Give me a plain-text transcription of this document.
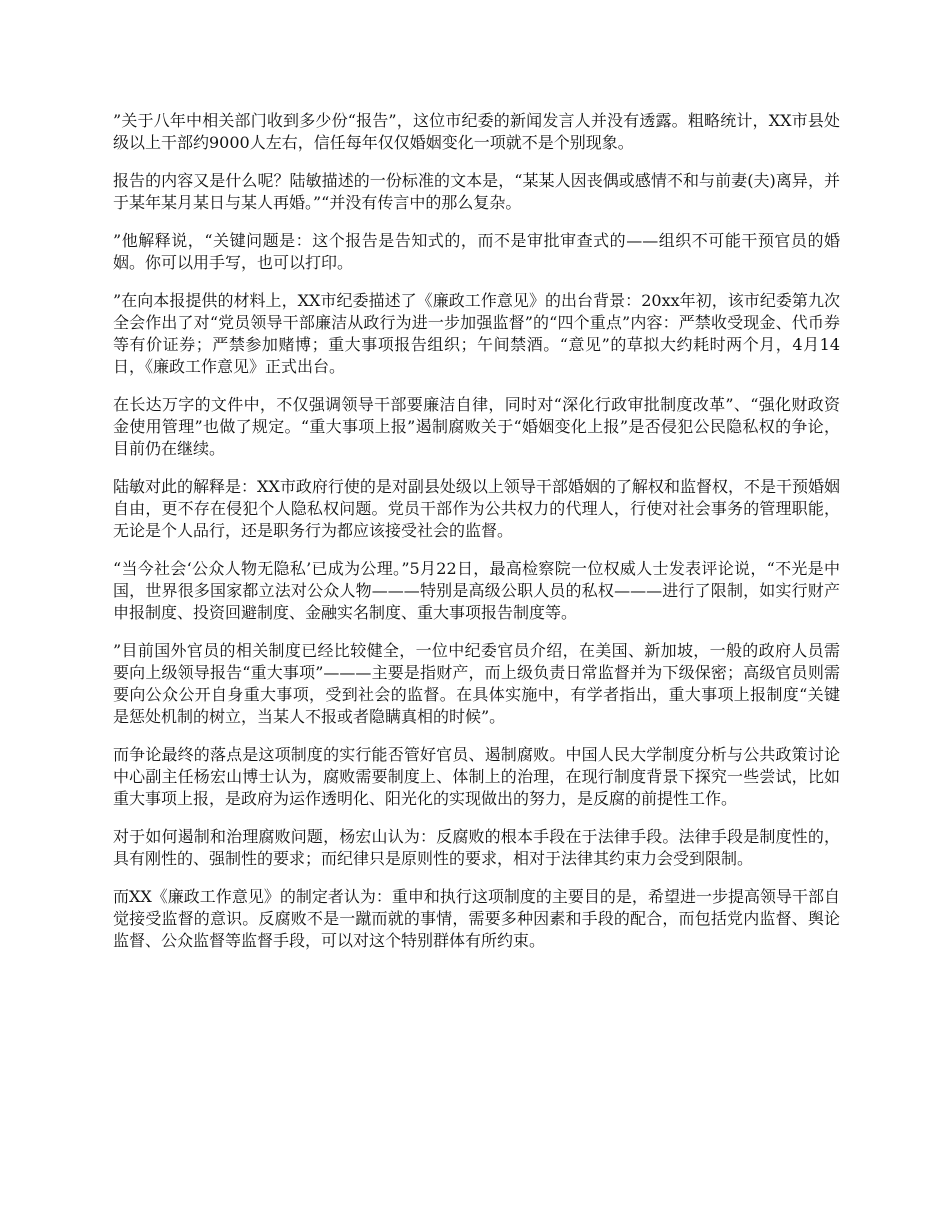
”关于八年中相关部门收到多少份“报告”，这位市纪委的新闻发言人并没有透露。粗略统计，XX市县处级以上干部约9000人左右，信任每年仅仅婚姻变化一项就不是个别现象。

报告的内容又是什么呢？陆敏描述的一份标准的文本是，“某某人因丧偶或感情不和与前妻(夫)离异，并于某年某月某日与某人再婚。”“并没有传言中的那么复杂。

”他解释说，“关键问题是：这个报告是告知式的，而不是审批审查式的——组织不可能干预官员的婚姻。你可以用手写，也可以打印。

”在向本报提供的材料上，XX市纪委描述了《廉政工作意见》的出台背景：20xx年初，该市纪委第九次全会作出了对“党员领导干部廉洁从政行为进一步加强监督”的“四个重点”内容：严禁收受现金、代币券等有价证券；严禁参加赌博；重大事项报告组织；午间禁酒。“意见”的草拟大约耗时两个月，4月14日，《廉政工作意见》正式出台。

在长达万字的文件中，不仅强调领导干部要廉洁自律，同时对“深化行政审批制度改革”、“强化财政资金使用管理”也做了规定。“重大事项上报”遏制腐败关于“婚姻变化上报”是否侵犯公民隐私权的争论，目前仍在继续。

陆敏对此的解释是：XX市政府行使的是对副县处级以上领导干部婚姻的了解权和监督权，不是干预婚姻自由，更不存在侵犯个人隐私权问题。党员干部作为公共权力的代理人，行使对社会事务的管理职能，无论是个人品行，还是职务行为都应该接受社会的监督。

“当今社会‘公众人物无隐私’已成为公理。”5月22日，最高检察院一位权威人士发表评论说，“不光是中国，世界很多国家都立法对公众人物———特别是高级公职人员的私权———进行了限制，如实行财产申报制度、投资回避制度、金融实名制度、重大事项报告制度等。

”目前国外官员的相关制度已经比较健全，一位中纪委官员介绍，在美国、新加坡，一般的政府人员需要向上级领导报告“重大事项”———主要是指财产，而上级负责日常监督并为下级保密；高级官员则需要向公众公开自身重大事项，受到社会的监督。在具体实施中，有学者指出，重大事项上报制度“关键是惩处机制的树立，当某人不报或者隐瞒真相的时候”。

而争论最终的落点是这项制度的实行能否管好官员、遏制腐败。中国人民大学制度分析与公共政策讨论中心副主任杨宏山博士认为，腐败需要制度上、体制上的治理，在现行制度背景下探究一些尝试，比如重大事项上报，是政府为运作透明化、阳光化的实现做出的努力，是反腐的前提性工作。

对于如何遏制和治理腐败问题，杨宏山认为：反腐败的根本手段在于法律手段。法律手段是制度性的，具有刚性的、强制性的要求；而纪律只是原则性的要求，相对于法律其约束力会受到限制。

而XX《廉政工作意见》的制定者认为：重申和执行这项制度的主要目的是，希望进一步提高领导干部自觉接受监督的意识。反腐败不是一蹴而就的事情，需要多种因素和手段的配合，而包括党内监督、舆论监督、公众监督等监督手段，可以对这个特别群体有所约束。
